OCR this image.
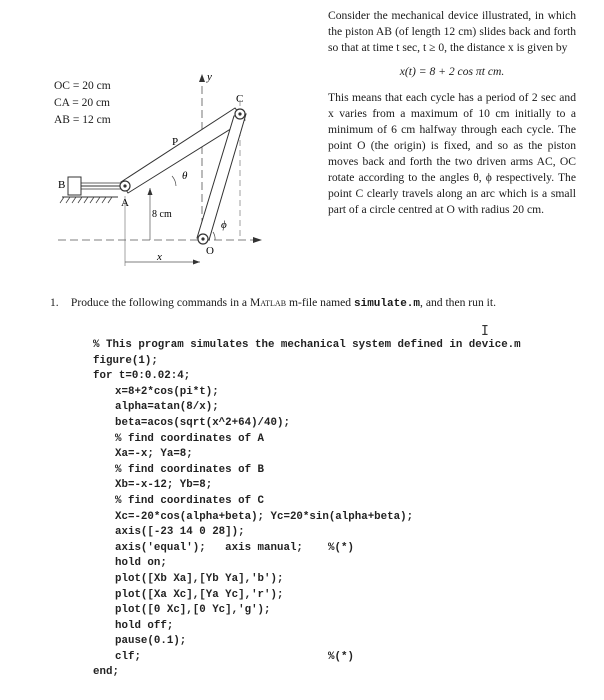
OC = 20 cm
CA = 20 cm
AB = 12 cm
y
8 cm
x
C
P
B
A
θ
ϕ
O

Consider the mechanical device illustrated, in which the piston AB (of length 12 cm) slides back and forth so that at time t sec, t ≥ 0, the distance x is given by

x(t) = 8 + 2 cos πt cm.

This means that each cycle has a period of 2 sec and x varies from a maximum of 10 cm initially to a minimum of 6 cm halfway through each cycle. The point O (the origin) is fixed, and so as the piston moves back and forth the two driven arms AC, OC rotate according to the angles θ, ϕ respectively. The point C clearly travels along an arc which is a small part of a circle centred at O with radius 20 cm.

1. Produce the following commands in a Matlab m-file named simulate.m, and then run it.
I
% This program simulates the mechanical system defined in device.m
figure(1);
for t=0:0.02:4;
x=8+2*cos(pi*t);
alpha=atan(8/x);
beta=acos(sqrt(x^2+64)/40);
% find coordinates of A
Xa=-x; Ya=8;
% find coordinates of B
Xb=-x-12; Yb=8;
% find coordinates of C
Xc=-20*cos(alpha+beta); Yc=20*sin(alpha+beta);
axis([-23 14 0 28]);
axis('equal');   axis manual; %(*)
hold on;
plot([Xb Xa],[Yb Ya],'b');
plot([Xa Xc],[Ya Yc],'r');
plot([0 Xc],[0 Yc],'g');
hold off;
pause(0.1);
clf;	%(*)
end;
